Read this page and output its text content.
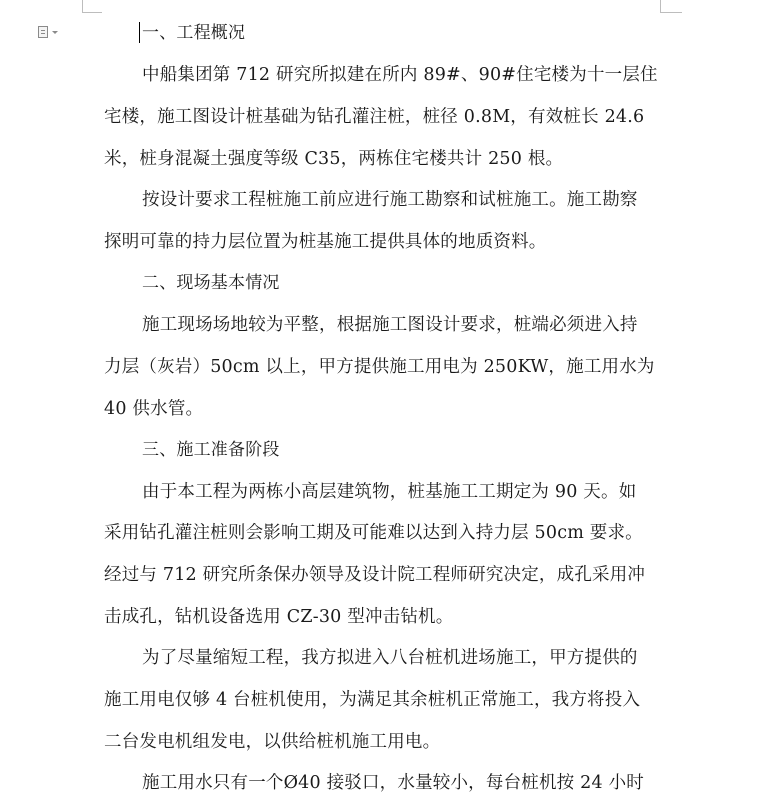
一、工程概况
中船集团第 712 研究所拟建在所内 89#、90#住宅楼为十一层住
宅楼，施工图设计桩基础为钻孔灌注桩，桩径 0.8M，有效桩长 24.6
米，桩身混凝土强度等级 C35，两栋住宅楼共计 250 根。
按设计要求工程桩施工前应进行施工勘察和试桩施工。施工勘察
探明可靠的持力层位置为桩基施工提供具体的地质资料。
二、现场基本情况
施工现场场地较为平整，根据施工图设计要求，桩端必须进入持
力层（灰岩）50cm 以上，甲方提供施工用电为 250KW，施工用水为
40 供水管。
三、施工准备阶段
由于本工程为两栋小高层建筑物，桩基施工工期定为 90 天。如
采用钻孔灌注桩则会影响工期及可能难以达到入持力层 50cm 要求。
经过与 712 研究所条保办领导及设计院工程师研究决定，成孔采用冲
击成孔，钻机设备选用 CZ-30 型冲击钻机。
为了尽量缩短工程，我方拟进入八台桩机进场施工，甲方提供的
施工用电仅够 4 台桩机使用，为满足其余桩机正常施工，我方将投入
二台发电机组发电，以供给桩机施工用电。
施工用水只有一个Ø40 接驳口，水量较小，每台桩机按 24 小时
